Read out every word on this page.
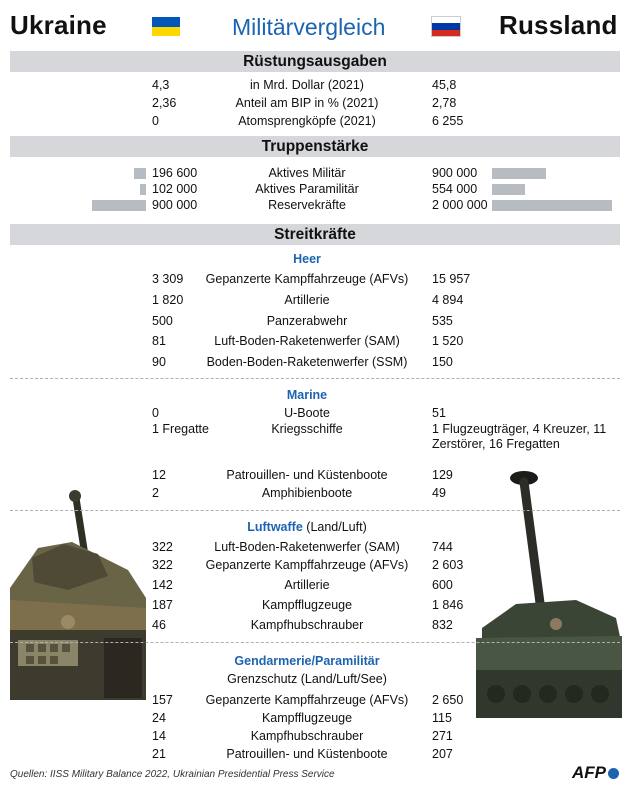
Ukraine	Militärvergleich	Russland
Rüstungsausgaben
4,3	in Mrd. Dollar (2021)	45,8
2,36	Anteil am BIP in % (2021)	2,78
0	Atomsprengköpfe (2021)	6 255
Truppenstärke
196 600	Aktives Militär	900 000
102 000	Aktives Paramilitär	554 000
900 000	Reservekräfte	2 000 000
Streitkräfte
Heer
3 309	Gepanzerte Kampffahrzeuge (AFVs)	15 957
1 820	Artillerie	4 894
500	Panzerabwehr	535
81	Luft-Boden-Raketenwerfer (SAM)	1 520
90	Boden-Boden-Raketenwerfer (SSM)	150
Marine
0	U-Boote	51
1 Fregatte	Kriegsschiffe	1 Flugzeugträger, 4 Kreuzer, 11 Zerstörer, 16 Fregatten
12	Patrouillen- und Küstenboote	129
2	Amphibienboote	49
Luftwaffe (Land/Luft)
322	Luft-Boden-Raketenwerfer (SAM)	744
322	Gepanzerte Kampffahrzeuge (AFVs)	2 603
142	Artillerie	600
187	Kampfflugzeuge	1 846
46	Kampfhubschrauber	832
Gendarmerie/Paramilitär
Grenzschutz (Land/Luft/See)
157	Gepanzerte Kampffahrzeuge (AFVs)	2 650
24	Kampfflugzeuge	115
14	Kampfhubschrauber	271
21	Patrouillen- und Küstenboote	207
Quellen: IISS Military Balance 2022, Ukrainian Presidential Press Service	AFP
